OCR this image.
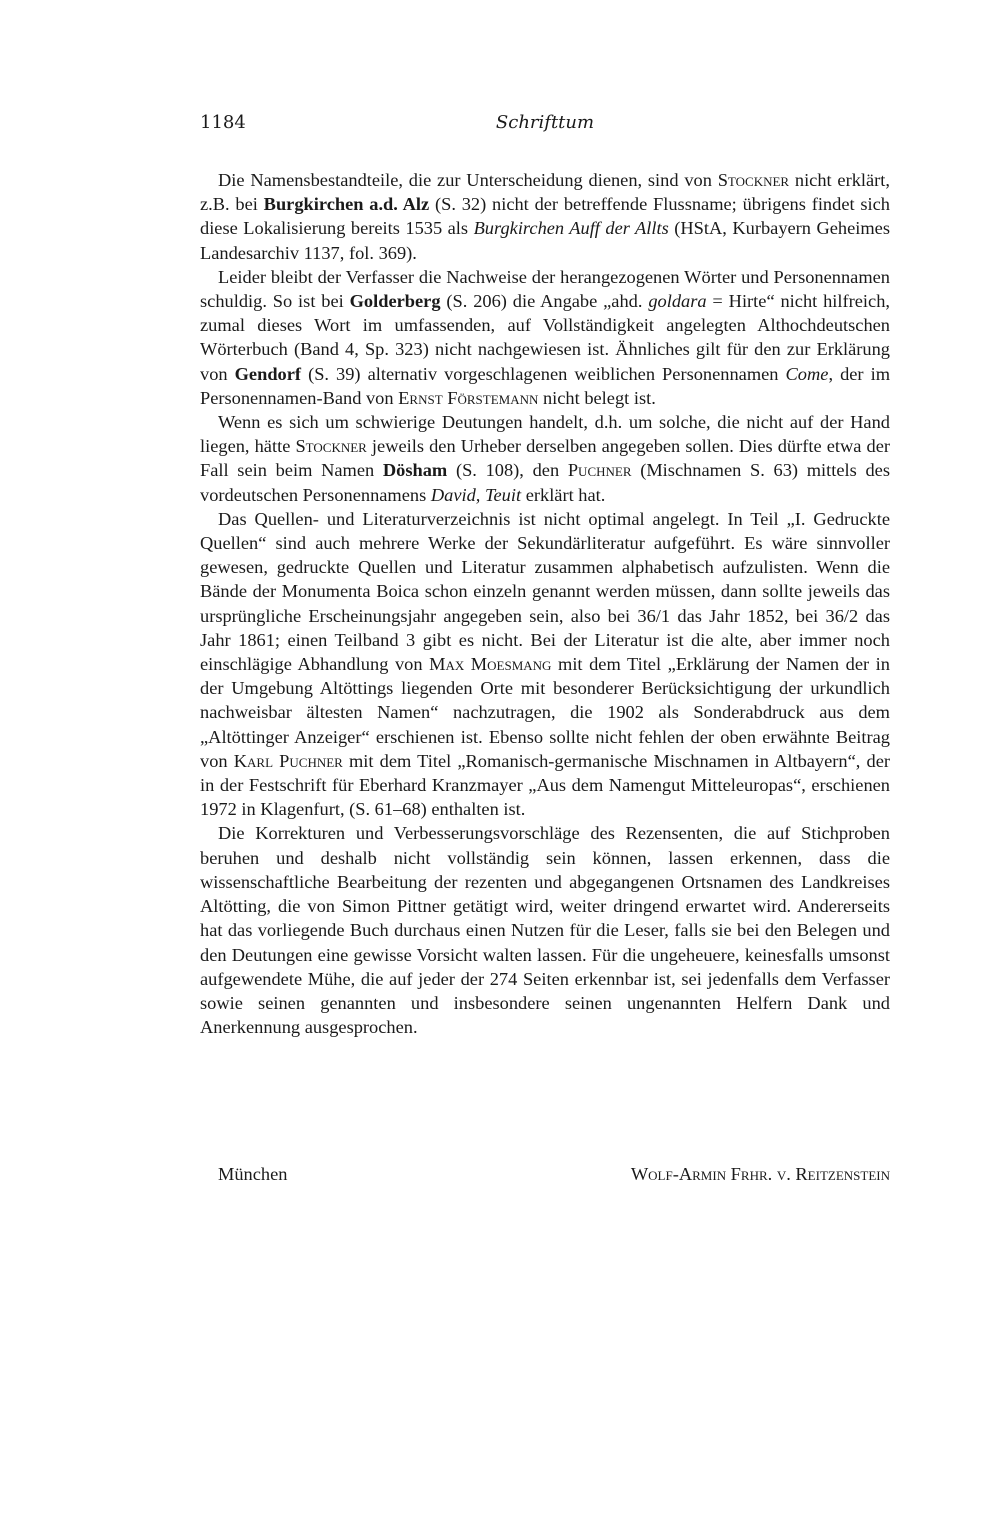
1184	Schrifttum

Die Namensbestandteile, die zur Unterscheidung dienen, sind von Stockner nicht erklärt, z.B. bei Burgkirchen a.d. Alz (S. 32) nicht der betreffende Flussname; übrigens findet sich diese Lokalisierung bereits 1535 als Burgkirchen Auff der Allts (HStA, Kurbayern Geheimes Landesarchiv 1137, fol. 369).

Leider bleibt der Verfasser die Nachweise der herangezogenen Wörter und Personennamen schuldig. So ist bei Golderberg (S. 206) die Angabe „ahd. goldara = Hirte“ nicht hilfreich, zumal dieses Wort im umfassenden, auf Vollständigkeit angelegten Althochdeutschen Wörterbuch (Band 4, Sp. 323) nicht nachgewiesen ist. Ähnliches gilt für den zur Erklärung von Gendorf (S. 39) alternativ vorgeschlagenen weiblichen Personennamen Come, der im Personennamen-Band von Ernst Förstemann nicht belegt ist.

Wenn es sich um schwierige Deutungen handelt, d.h. um solche, die nicht auf der Hand liegen, hätte Stockner jeweils den Urheber derselben angegeben sollen. Dies dürfte etwa der Fall sein beim Namen Dösham (S. 108), den Puchner (Mischnamen S. 63) mittels des vordeutschen Personennamens David, Teuit erklärt hat.

Das Quellen- und Literaturverzeichnis ist nicht optimal angelegt. In Teil „I. Gedruckte Quellen“ sind auch mehrere Werke der Sekundärliteratur aufgeführt. Es wäre sinnvoller gewesen, gedruckte Quellen und Literatur zusammen alphabetisch aufzulisten. Wenn die Bände der Monumenta Boica schon einzeln genannt werden müssen, dann sollte jeweils das ursprüngliche Erscheinungsjahr angegeben sein, also bei 36/1 das Jahr 1852, bei 36/2 das Jahr 1861; einen Teilband 3 gibt es nicht. Bei der Literatur ist die alte, aber immer noch einschlägige Abhandlung von Max Moesmang mit dem Titel „Erklärung der Namen der in der Umgebung Altöttings liegenden Orte mit besonderer Berücksichtigung der urkundlich nachweisbar ältesten Namen“ nachzutragen, die 1902 als Sonderabdruck aus dem „Altöttinger Anzeiger“ erschienen ist. Ebenso sollte nicht fehlen der oben erwähnte Beitrag von Karl Puchner mit dem Titel „Romanisch-germanische Mischnamen in Altbayern“, der in der Festschrift für Eberhard Kranzmayer „Aus dem Namengut Mitteleuropas“, erschienen 1972 in Klagenfurt, (S. 61–68) enthalten ist.

Die Korrekturen und Verbesserungsvorschläge des Rezensenten, die auf Stichproben beruhen und deshalb nicht vollständig sein können, lassen erkennen, dass die wissenschaftliche Bearbeitung der rezenten und abgegangenen Ortsnamen des Landkreises Altötting, die von Simon Pittner getätigt wird, weiter dringend erwartet wird. Andererseits hat das vorliegende Buch durchaus einen Nutzen für die Leser, falls sie bei den Belegen und den Deutungen eine gewisse Vorsicht walten lassen. Für die ungeheuere, keinesfalls umsonst aufgewendete Mühe, die auf jeder der 274 Seiten erkennbar ist, sei jedenfalls dem Verfasser sowie seinen genannten und insbesondere seinen ungenannten Helfern Dank und Anerkennung ausgesprochen.

München	Wolf-Armin Frhr. v. Reitzenstein
